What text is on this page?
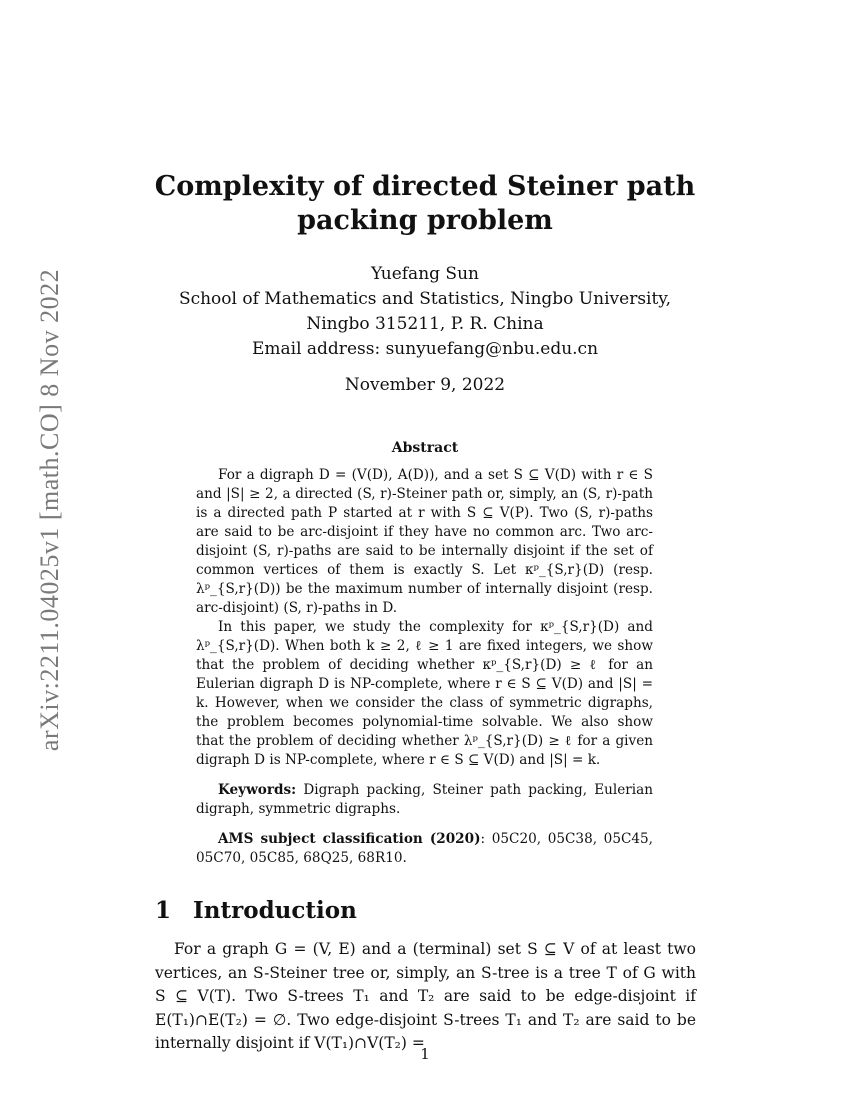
arXiv:2211.04025v1 [math.CO] 8 Nov 2022
Complexity of directed Steiner path
packing problem
Yuefang Sun
School of Mathematics and Statistics, Ningbo University,
Ningbo 315211, P. R. China
Email address: sunyuefang@nbu.edu.cn
November 9, 2022
Abstract

For a digraph D = (V(D), A(D)), and a set S ⊆ V(D) with r ∈ S and |S| ≥ 2, a directed (S, r)-Steiner path or, simply, an (S, r)-path is a directed path P started at r with S ⊆ V(P). Two (S, r)-paths are said to be arc-disjoint if they have no common arc. Two arc-disjoint (S, r)-paths are said to be internally disjoint if the set of common vertices of them is exactly S. Let κᵖ_{S,r}(D) (resp. λᵖ_{S,r}(D)) be the maximum number of internally disjoint (resp. arc-disjoint) (S, r)-paths in D.

In this paper, we study the complexity for κᵖ_{S,r}(D) and λᵖ_{S,r}(D). When both k ≥ 2, ℓ ≥ 1 are fixed integers, we show that the problem of deciding whether κᵖ_{S,r}(D) ≥ ℓ for an Eulerian digraph D is NP-complete, where r ∈ S ⊆ V(D) and |S| = k. However, when we consider the class of symmetric digraphs, the problem becomes polynomial-time solvable. We also show that the problem of deciding whether λᵖ_{S,r}(D) ≥ ℓ for a given digraph D is NP-complete, where r ∈ S ⊆ V(D) and |S| = k.

Keywords: Digraph packing, Steiner path packing, Eulerian digraph, symmetric digraphs.
AMS subject classification (2020): 05C20, 05C38, 05C45, 05C70, 05C85, 68Q25, 68R10.
1 Introduction
For a graph G = (V, E) and a (terminal) set S ⊆ V of at least two vertices, an S-Steiner tree or, simply, an S-tree is a tree T of G with S ⊆ V(T). Two S-trees T₁ and T₂ are said to be edge-disjoint if E(T₁)∩E(T₂) = ∅. Two edge-disjoint S-trees T₁ and T₂ are said to be internally disjoint if V(T₁)∩V(T₂) =
1
